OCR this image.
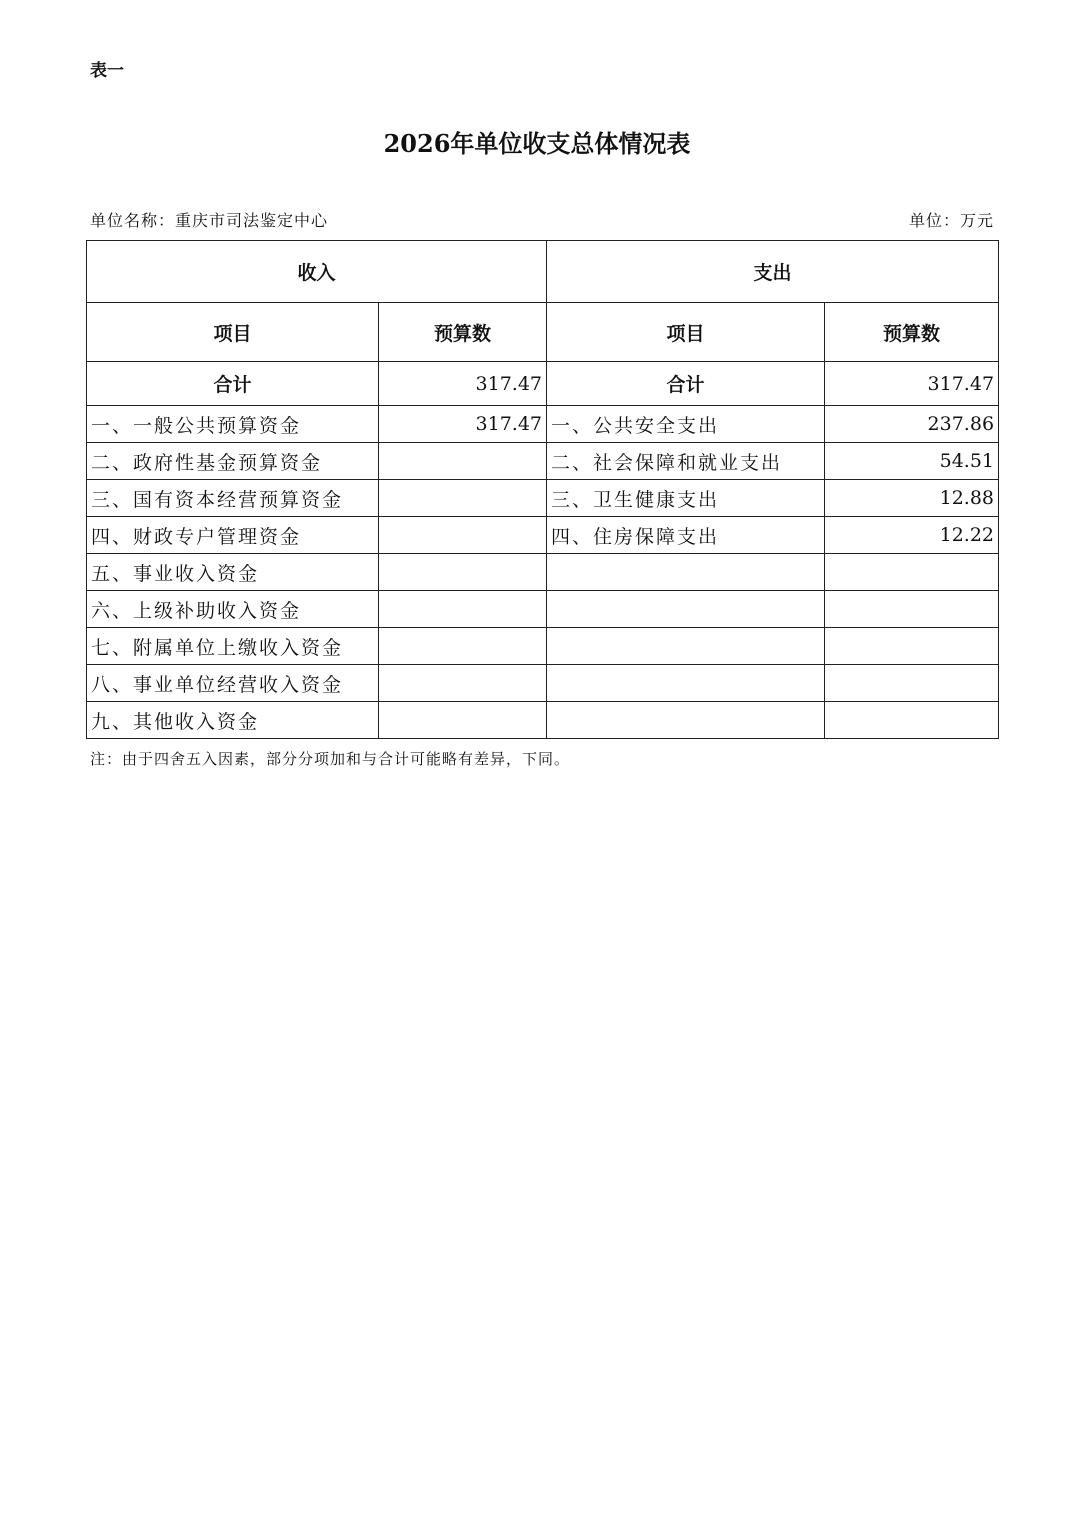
表一
2026年单位收支总体情况表
单位名称：重庆市司法鉴定中心	单位：万元
收入		支出	
项目	预算数	项目	预算数
合计	317.47	合计	317.47
一、一般公共预算资金	317.47	一、公共安全支出	237.86
二、政府性基金预算资金		二、社会保障和就业支出	54.51
三、国有资本经营预算资金		三、卫生健康支出	12.88
四、财政专户管理资金		四、住房保障支出	12.22
五、事业收入资金			
六、上级补助收入资金			
七、附属单位上缴收入资金			
八、事业单位经营收入资金			
九、其他收入资金			
注：由于四舍五入因素，部分分项加和与合计可能略有差异，下同。
